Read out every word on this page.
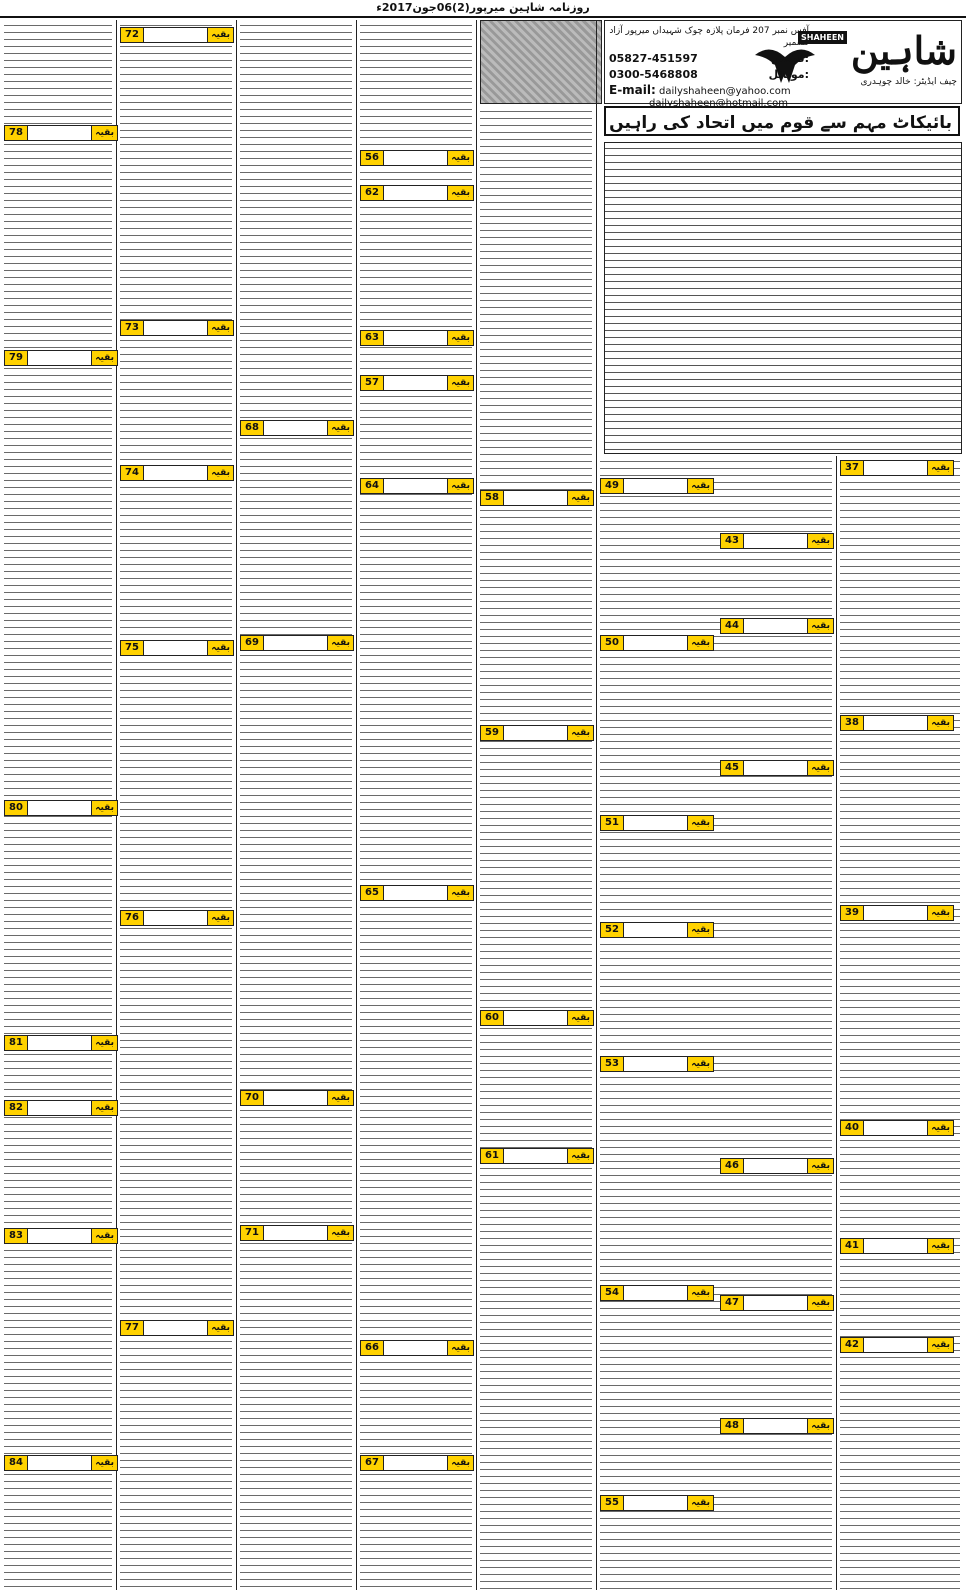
روزنامہ شاہین میرپور(2)06جون2017ء
SHAHEEN شاہین
چیف ایڈیٹر: خالد چوہدری
آفس نمبر 207 فرمان پلازہ چوک شہیداں میرپور آزاد کشمیر
05827-451597	فیکس:
0300-5468808	موبائل:
E-mail: dailyshaheen@yahoo.com
dailyshaheen@hotmail.com
بائیکاٹ مہم سے قوم میں اتحاد کی راہیں
72	بقیہ
78	بقیہ
73	بقیہ
79	بقیہ
74	بقیہ
75	بقیہ
80	بقیہ
76	بقیہ
81	بقیہ
82	بقیہ
83	بقیہ
77	بقیہ
84	بقیہ
68	بقیہ
69	بقیہ
70	بقیہ
71	بقیہ
56	بقیہ
62	بقیہ
63	بقیہ
57	بقیہ
64	بقیہ
58	بقیہ
59	بقیہ
65	بقیہ
60	بقیہ
61	بقیہ
66	بقیہ
67	بقیہ
49	بقیہ
50	بقیہ
51	بقیہ
52	بقیہ
53	بقیہ
54	بقیہ
55	بقیہ
37	بقیہ
43	بقیہ
44	بقیہ
38	بقیہ
45	بقیہ
39	بقیہ
40	بقیہ
46	بقیہ
41	بقیہ
47	بقیہ
42	بقیہ
48	بقیہ
